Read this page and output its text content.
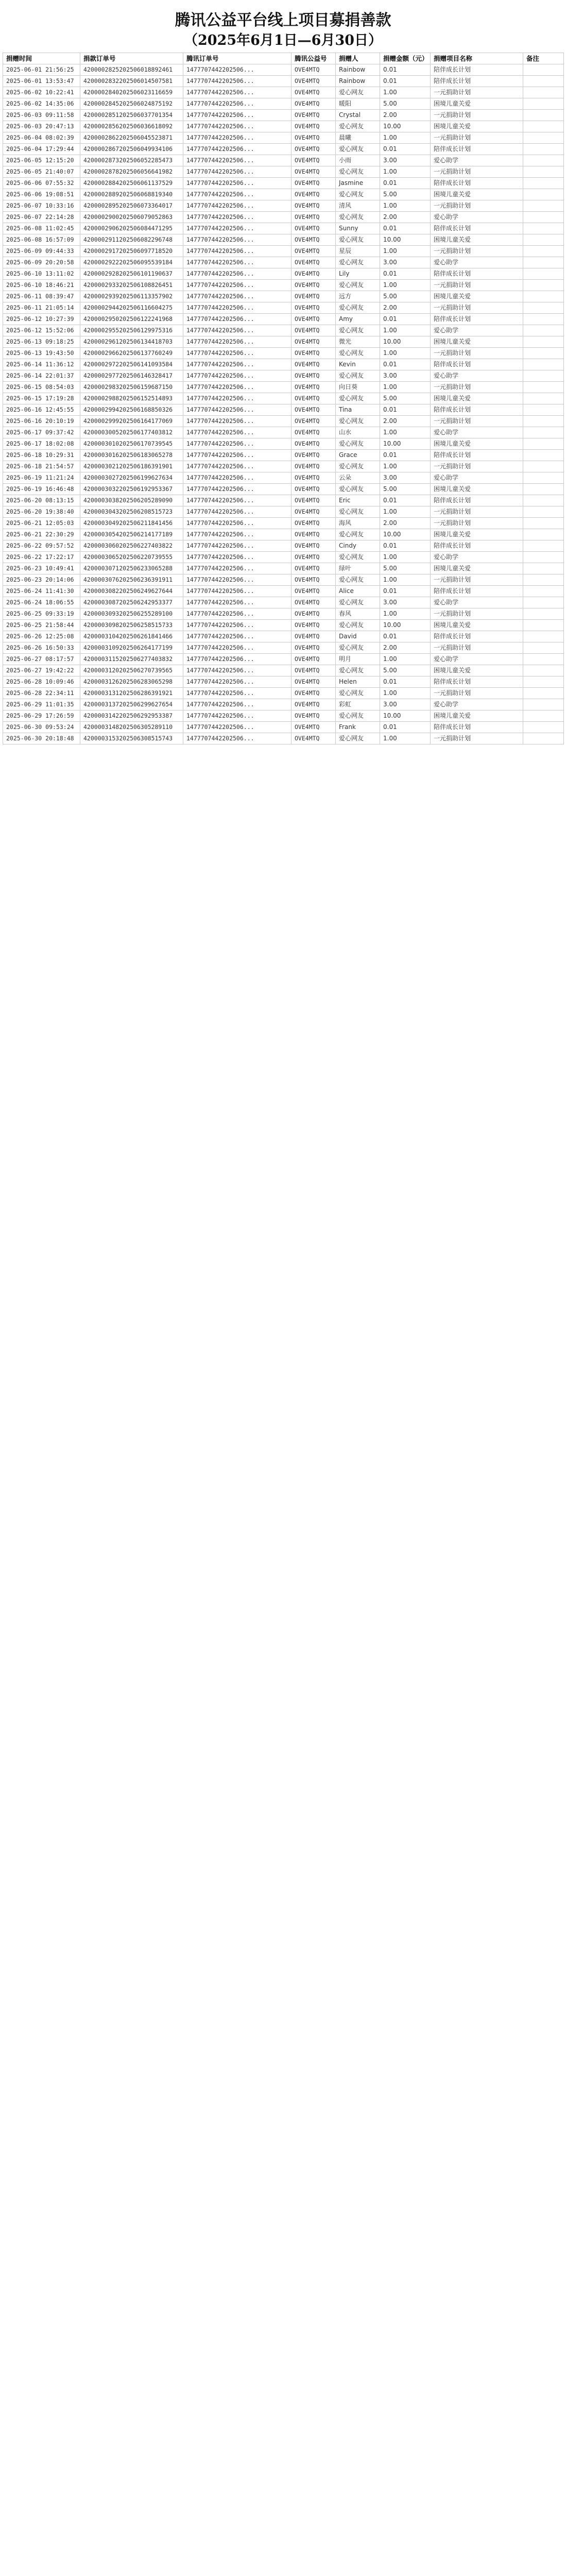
腾讯公益平台线上项目募捐善款
（2025年6月1日—6月30日）
捐赠时间	捐款订单号	腾讯订单号	腾讯公益号	捐赠人	捐赠金额（元）	捐赠项目名称	备注
2025-06-01 21:56:25	4200002825202506018892461	1477707442202506...	OVE4MTQ	Rainbow	0.01	陪伴成长计划	
2025-06-01 13:53:47	4200002832202506014507581	1477707442202506...	OVE4MTQ	Rainbow	0.01	陪伴成长计划	
2025-06-02 10:22:41	4200002840202506023116659	1477707442202506...	OVE4MTQ	爱心网友	1.00	一元捐助计划	
2025-06-02 14:35:06	4200002845202506024875192	1477707442202506...	OVE4MTQ	暖阳	5.00	困境儿童关爱	
2025-06-03 09:11:58	4200002851202506037701354	1477707442202506...	OVE4MTQ	Crystal	2.00	一元捐助计划	
2025-06-03 20:47:13	4200002856202506036618092	1477707442202506...	OVE4MTQ	爱心网友	10.00	困境儿童关爱	
2025-06-04 08:02:39	4200002862202506045523871	1477707442202506...	OVE4MTQ	晨曦	1.00	一元捐助计划	
2025-06-04 17:29:44	4200002867202506049934106	1477707442202506...	OVE4MTQ	爱心网友	0.01	陪伴成长计划	
2025-06-05 12:15:20	4200002873202506052285473	1477707442202506...	OVE4MTQ	小雨	3.00	爱心助学	
2025-06-05 21:40:07	4200002878202506056641982	1477707442202506...	OVE4MTQ	爱心网友	1.00	一元捐助计划	
2025-06-06 07:55:32	4200002884202506061137529	1477707442202506...	OVE4MTQ	Jasmine	0.01	陪伴成长计划	
2025-06-06 19:08:51	4200002889202506068819340	1477707442202506...	OVE4MTQ	爱心网友	5.00	困境儿童关爱	
2025-06-07 10:33:16	4200002895202506073364017	1477707442202506...	OVE4MTQ	清风	1.00	一元捐助计划	
2025-06-07 22:14:28	4200002900202506079052863	1477707442202506...	OVE4MTQ	爱心网友	2.00	爱心助学	
2025-06-08 11:02:45	4200002906202506084471295	1477707442202506...	OVE4MTQ	Sunny	0.01	陪伴成长计划	
2025-06-08 16:57:09	4200002911202506082296748	1477707442202506...	OVE4MTQ	爱心网友	10.00	困境儿童关爱	
2025-06-09 09:44:33	4200002917202506097718520	1477707442202506...	OVE4MTQ	星辰	1.00	一元捐助计划	
2025-06-09 20:20:58	4200002922202506095539184	1477707442202506...	OVE4MTQ	爱心网友	3.00	爱心助学	
2025-06-10 13:11:02	4200002928202506101190637	1477707442202506...	OVE4MTQ	Lily	0.01	陪伴成长计划	
2025-06-10 18:46:21	4200002933202506108826451	1477707442202506...	OVE4MTQ	爱心网友	1.00	一元捐助计划	
2025-06-11 08:39:47	4200002939202506113357902	1477707442202506...	OVE4MTQ	远方	5.00	困境儿童关爱	
2025-06-11 21:05:14	4200002944202506116604275	1477707442202506...	OVE4MTQ	爱心网友	2.00	一元捐助计划	
2025-06-12 10:27:39	4200002950202506122241968	1477707442202506...	OVE4MTQ	Amy	0.01	陪伴成长计划	
2025-06-12 15:52:06	4200002955202506129975316	1477707442202506...	OVE4MTQ	爱心网友	1.00	爱心助学	
2025-06-13 09:18:25	4200002961202506134418703	1477707442202506...	OVE4MTQ	微光	10.00	困境儿童关爱	
2025-06-13 19:43:50	4200002966202506137760249	1477707442202506...	OVE4MTQ	爱心网友	1.00	一元捐助计划	
2025-06-14 11:36:12	4200002972202506141093584	1477707442202506...	OVE4MTQ	Kevin	0.01	陪伴成长计划	
2025-06-14 22:01:37	4200002977202506146328417	1477707442202506...	OVE4MTQ	爱心网友	3.00	爱心助学	
2025-06-15 08:54:03	4200002983202506159687150	1477707442202506...	OVE4MTQ	向日葵	1.00	一元捐助计划	
2025-06-15 17:19:28	4200002988202506152514893	1477707442202506...	OVE4MTQ	爱心网友	5.00	困境儿童关爱	
2025-06-16 12:45:55	4200002994202506168850326	1477707442202506...	OVE4MTQ	Tina	0.01	陪伴成长计划	
2025-06-16 20:10:19	4200002999202506164177069	1477707442202506...	OVE4MTQ	爱心网友	2.00	一元捐助计划	
2025-06-17 09:37:42	4200003005202506177403812	1477707442202506...	OVE4MTQ	山水	1.00	爱心助学	
2025-06-17 18:02:08	4200003010202506170739545	1477707442202506...	OVE4MTQ	爱心网友	10.00	困境儿童关爱	
2025-06-18 10:29:31	4200003016202506183065278	1477707442202506...	OVE4MTQ	Grace	0.01	陪伴成长计划	
2025-06-18 21:54:57	4200003021202506186391901	1477707442202506...	OVE4MTQ	爱心网友	1.00	一元捐助计划	
2025-06-19 11:21:24	4200003027202506199627634	1477707442202506...	OVE4MTQ	云朵	3.00	爱心助学	
2025-06-19 16:46:48	4200003032202506192953367	1477707442202506...	OVE4MTQ	爱心网友	5.00	困境儿童关爱	
2025-06-20 08:13:15	4200003038202506205289090	1477707442202506...	OVE4MTQ	Eric	0.01	陪伴成长计划	
2025-06-20 19:38:40	4200003043202506208515723	1477707442202506...	OVE4MTQ	爱心网友	1.00	一元捐助计划	
2025-06-21 12:05:03	4200003049202506211841456	1477707442202506...	OVE4MTQ	海风	2.00	一元捐助计划	
2025-06-21 22:30:29	4200003054202506214177189	1477707442202506...	OVE4MTQ	爱心网友	10.00	困境儿童关爱	
2025-06-22 09:57:52	4200003060202506227403822	1477707442202506...	OVE4MTQ	Cindy	0.01	陪伴成长计划	
2025-06-22 17:22:17	4200003065202506220739555	1477707442202506...	OVE4MTQ	爱心网友	1.00	爱心助学	
2025-06-23 10:49:41	4200003071202506233065288	1477707442202506...	OVE4MTQ	绿叶	5.00	困境儿童关爱	
2025-06-23 20:14:06	4200003076202506236391911	1477707442202506...	OVE4MTQ	爱心网友	1.00	一元捐助计划	
2025-06-24 11:41:30	4200003082202506249627644	1477707442202506...	OVE4MTQ	Alice	0.01	陪伴成长计划	
2025-06-24 18:06:55	4200003087202506242953377	1477707442202506...	OVE4MTQ	爱心网友	3.00	爱心助学	
2025-06-25 09:33:19	4200003093202506255289100	1477707442202506...	OVE4MTQ	春风	1.00	一元捐助计划	
2025-06-25 21:58:44	4200003098202506258515733	1477707442202506...	OVE4MTQ	爱心网友	10.00	困境儿童关爱	
2025-06-26 12:25:08	4200003104202506261841466	1477707442202506...	OVE4MTQ	David	0.01	陪伴成长计划	
2025-06-26 16:50:33	4200003109202506264177199	1477707442202506...	OVE4MTQ	爱心网友	2.00	一元捐助计划	
2025-06-27 08:17:57	4200003115202506277403832	1477707442202506...	OVE4MTQ	明月	1.00	爱心助学	
2025-06-27 19:42:22	4200003120202506270739565	1477707442202506...	OVE4MTQ	爱心网友	5.00	困境儿童关爱	
2025-06-28 10:09:46	4200003126202506283065298	1477707442202506...	OVE4MTQ	Helen	0.01	陪伴成长计划	
2025-06-28 22:34:11	4200003131202506286391921	1477707442202506...	OVE4MTQ	爱心网友	1.00	一元捐助计划	
2025-06-29 11:01:35	4200003137202506299627654	1477707442202506...	OVE4MTQ	彩虹	3.00	爱心助学	
2025-06-29 17:26:59	4200003142202506292953387	1477707442202506...	OVE4MTQ	爱心网友	10.00	困境儿童关爱	
2025-06-30 09:53:24	4200003148202506305289110	1477707442202506...	OVE4MTQ	Frank	0.01	陪伴成长计划	
2025-06-30 20:18:48	4200003153202506308515743	1477707442202506...	OVE4MTQ	爱心网友	1.00	一元捐助计划	
